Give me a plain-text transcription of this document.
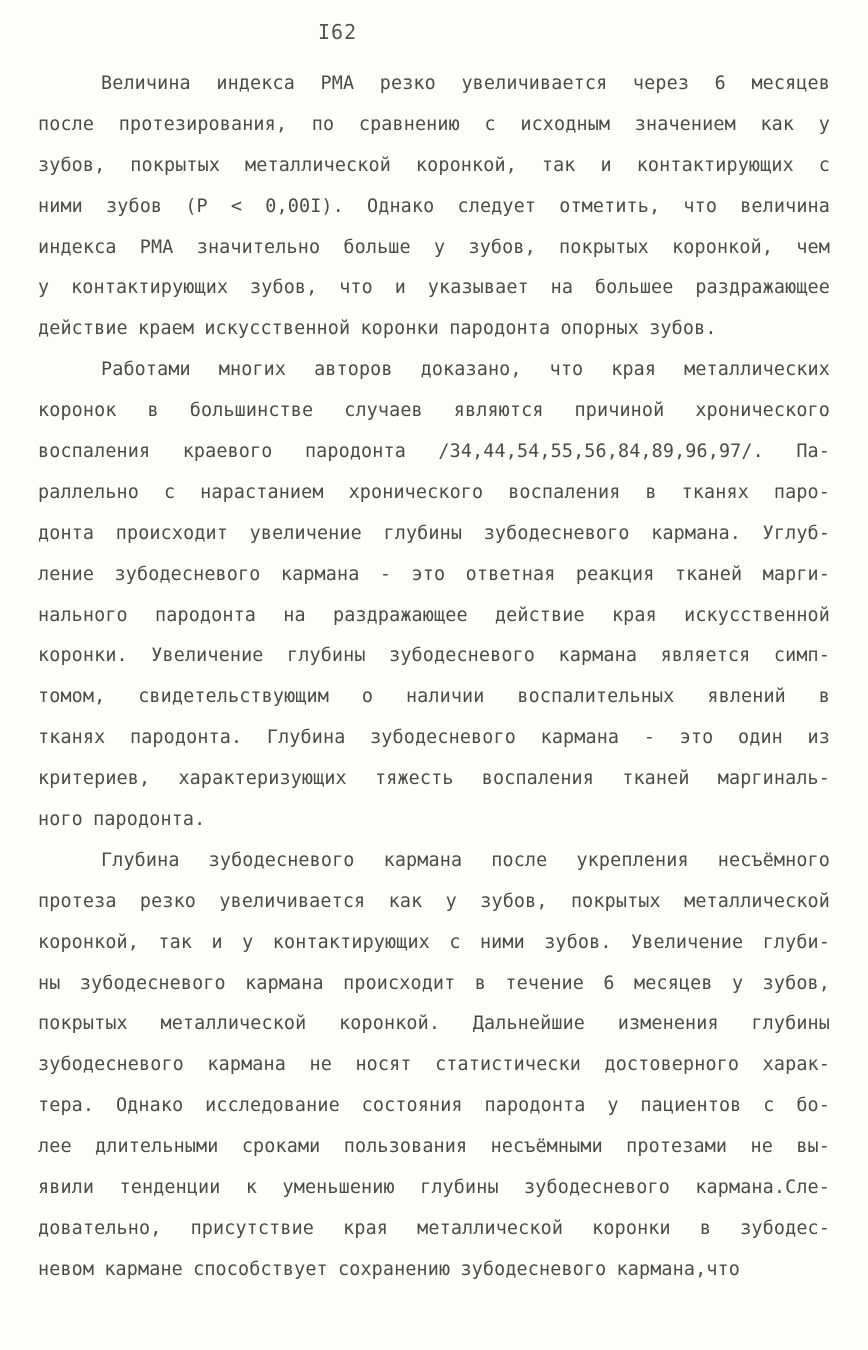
I62
Величина индекса PMA резко увеличивается через 6 месяцев
после протезирования, по сравнению с исходным значением как у
зубов, покрытых металлической коронкой, так и контактирующих с
ними зубов (P < 0,00I). Однако следует отметить, что величина
индекса PMA значительно больше у зубов, покрытых коронкой, чем
у контактирующих зубов, что и указывает на большее раздражающее
действие краем искусственной коронки пародонта опорных зубов.
Работами многих авторов доказано, что края металлических
коронок в большинстве случаев являются причиной хронического
воспаления краевого пародонта /34,44,54,55,56,84,89,96,97/. Па-
раллельно с нарастанием хронического воспаления в тканях паро-
донта происходит увеличение глубины зубодесневого кармана. Углуб-
ление зубодесневого кармана - это ответная реакция тканей марги-
нального пародонта на раздражающее действие края искусственной
коронки. Увеличение глубины зубодесневого кармана является симп-
томом, свидетельствующим о наличии воспалительных явлений в
тканях пародонта. Глубина зубодесневого кармана - это один из
критериев, характеризующих тяжесть воспаления тканей маргиналь-
ного пародонта.
Глубина зубодесневого кармана после укрепления несъёмного
протеза резко увеличивается как у зубов, покрытых металлической
коронкой, так и у контактирующих с ними зубов. Увеличение глуби-
ны зубодесневого кармана происходит в течение 6 месяцев у зубов,
покрытых металлической коронкой. Дальнейшие изменения глубины
зубодесневого кармана не носят статистически достоверного харак-
тера. Однако исследование состояния пародонта у пациентов с бо-
лее длительными сроками пользования несъёмными протезами не вы-
явили тенденции к уменьшению глубины зубодесневого кармана.Сле-
довательно, присутствие края металлической коронки в зубодес-
невом кармане способствует сохранению зубодесневого кармана,что
